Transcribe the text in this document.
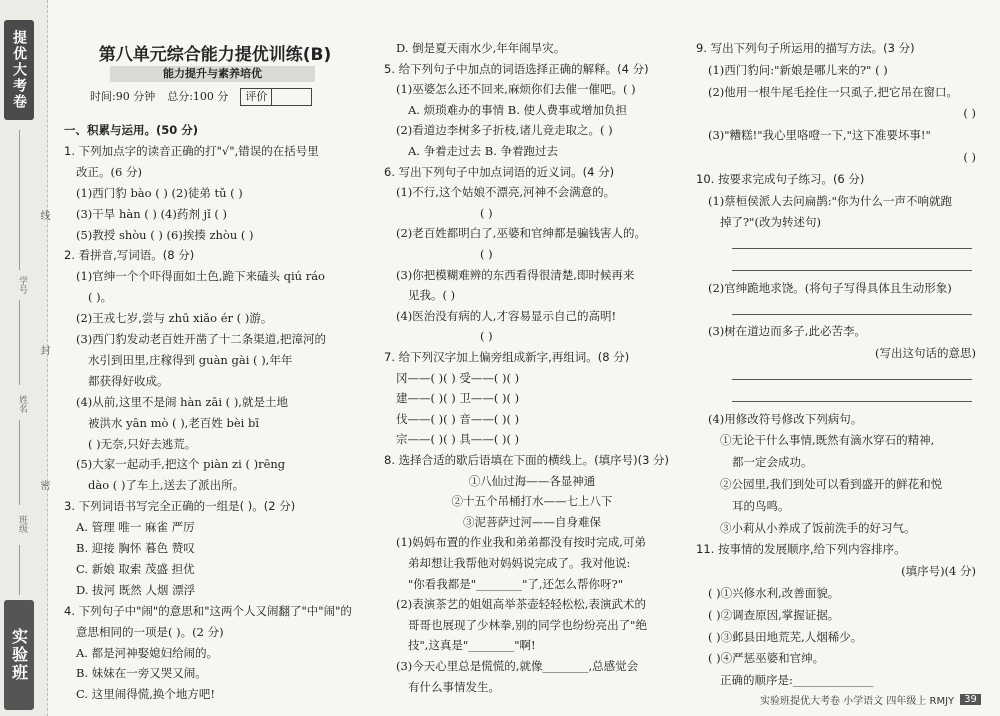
提优大考卷
线
学号
封
姓名
密
班级
实验班
第八单元综合能力提优训练(B)
能力提升与素养培优
时间:90 分钟 总分:100 分	评价
一、积累与运用。(50 分)
1. 下列加点字的读音正确的打"√",错误的在括号里
改正。(6 分)
(1)西门豹 bào ( ) (2)徒弟 tǔ ( )
(3)干旱 hàn ( ) (4)药剂 jǐ ( )
(5)教授 shòu ( ) (6)挨揍 zhòu ( )
2. 看拼音,写词语。(8 分)
(1)官绅一个个吓得面如土色,跪下来磕头 qiú ráo
( )。
(2)王戎七岁,尝与 zhū xiǎo ér ( )游。
(3)西门豹发动老百姓开凿了十二条渠道,把漳河的
水引到田里,庄稼得到 guàn gài ( ),年年
都获得好收成。
(4)从前,这里不是闹 hàn zāi ( ),就是土地
被洪水 yān mò ( ),老百姓 bèi bī
( )无奈,只好去逃荒。
(5)大家一起动手,把这个 piàn zi ( )rēng
dào ( )了车上,送去了派出所。
3. 下列词语书写完全正确的一组是( )。(2 分)
A. 管理 唯一 麻雀 严厉
B. 迎接 胸怀 暮色 赞叹
C. 新娘 取索 茂盛 担优
D. 拔河 既然 人烟 漂浮
4. 下列句子中"闹"的意思和"这两个人又闹翻了"中"闹"的
意思相同的一项是( )。(2 分)
A. 都是河神娶媳妇给闹的。
B. 妹妹在一旁又哭又闹。
C. 这里闹得慌,换个地方吧!
D. 倒是夏天雨水少,年年闹旱灾。
5. 给下列句子中加点的词语选择正确的解释。(4 分)
(1)巫婆怎么还不回来,麻烦你们去催一催吧。( )
A. 烦琐难办的事情 B. 使人费事或增加负担
(2)看道边李树多子折枝,诸儿竞走取之。( )
A. 争着走过去 B. 争着跑过去
6. 写出下列句子中加点词语的近义词。(4 分)
(1)不行,这个姑娘不漂亮,河神不会满意的。
( )
(2)老百姓都明白了,巫婆和官绅都是骗钱害人的。
( )
(3)你把模糊难辨的东西看得很清楚,即时候再来
见我。( )
(4)医治没有病的人,才容易显示自己的高明!
( )
7. 给下列汉字加上偏旁组成新字,再组词。(8 分)
冈——( )( ) 受——( )( )
建——( )( ) 卫——( )( )
伐——( )( ) 音——( )( )
宗——( )( ) 具——( )( )
8. 选择合适的歇后语填在下面的横线上。(填序号)(3 分)
①八仙过海——各显神通
②十五个吊桶打水——七上八下
③泥菩萨过河——自身难保
(1)妈妈布置的作业我和弟弟都没有按时完成,可弟
弟却想让我帮他对妈妈说完成了。我对他说:
"你看我都是"________"了,还怎么帮你呀?"
(2)表演茶艺的姐姐高举茶壶轻轻松松,表演武术的
哥哥也展现了少林拳,别的同学也纷纷亮出了"绝
技",这真是"________"啊!
(3)今天心里总是慌慌的,就像________,总感觉会
有什么事情发生。
9. 写出下列句子所运用的描写方法。(3 分)
(1)西门豹问:"新娘是哪儿来的?" ( )
(2)他用一根牛尾毛拴住一只虱子,把它吊在窗口。
( )
(3)"糟糕!"我心里咯噔一下,"这下准要坏事!"
( )
10. 按要求完成句子练习。(6 分)
(1)蔡桓侯派人去问扁鹊:"你为什么一声不响就跑
掉了?"(改为转述句)
(2)官绅跪地求饶。(将句子写得具体且生动形象)
(3)树在道边而多子,此必苦李。
(写出这句话的意思)
(4)用修改符号修改下列病句。
①无论干什么事情,既然有滴水穿石的精神,
都一定会成功。
②公园里,我们到处可以看到盛开的鲜花和悦
耳的鸟鸣。
③小莉从小养成了饭前洗手的好习气。
11. 按事情的发展顺序,给下列内容排序。
(填序号)(4 分)
( )①兴修水利,改善面貌。
( )②调查原因,掌握证据。
( )③邺县田地荒芜,人烟稀少。
( )④严惩巫婆和官绅。
正确的顺序是:______________
实验班提优大考卷 小学语文 四年级上 RMJY	39
